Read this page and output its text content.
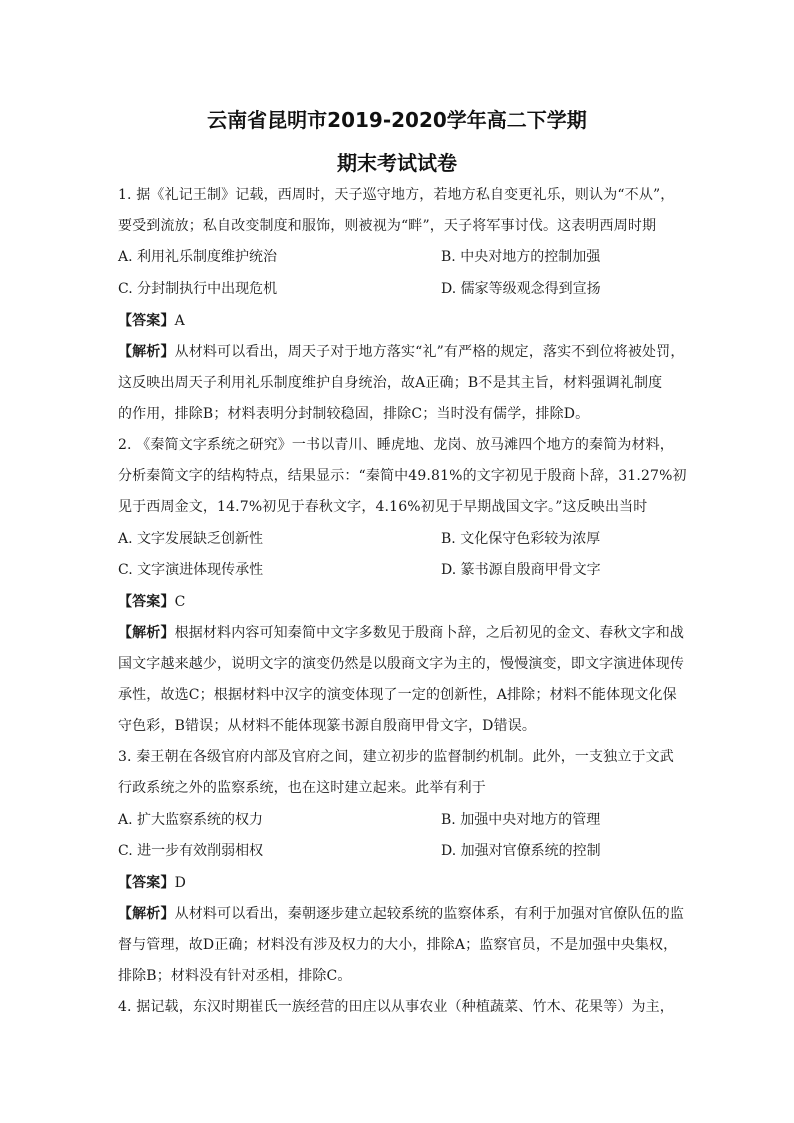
云南省昆明市2019-2020学年高二下学期
期末考试试卷
1. 据《礼记王制》记载，西周时，天子巡守地方，若地方私自变更礼乐，则认为“不从”，
要受到流放；私自改变制度和服饰，则被视为“畔”，天子将军事讨伐。这表明西周时期
A. 利用礼乐制度维护统治	B. 中央对地方的控制加强
C. 分封制执行中出现危机	D. 儒家等级观念得到宣扬
【答案】A
【解析】从材料可以看出，周天子对于地方落实“礼”有严格的规定，落实不到位将被处罚，
这反映出周天子利用礼乐制度维护自身统治，故A正确；B不是其主旨，材料强调礼制度
的作用，排除B；材料表明分封制较稳固，排除C；当时没有儒学，排除D。
2. 《秦简文字系统之研究》一书以青川、睡虎地、龙岗、放马滩四个地方的秦简为材料，
分析秦简文字的结构特点，结果显示：“秦简中49.81%的文字初见于殷商卜辞，31.27%初
见于西周金文，14.7%初见于春秋文字，4.16%初见于早期战国文字。”这反映出当时
A. 文字发展缺乏创新性	B. 文化保守色彩较为浓厚
C. 文字演进体现传承性	D. 篆书源自殷商甲骨文字
【答案】C
【解析】根据材料内容可知秦简中文字多数见于殷商卜辞，之后初见的金文、春秋文字和战
国文字越来越少，说明文字的演变仍然是以殷商文字为主的，慢慢演变，即文字演进体现传
承性，故选C；根据材料中汉字的演变体现了一定的创新性，A排除；材料不能体现文化保
守色彩，B错误；从材料不能体现篆书源自殷商甲骨文字，D错误。
3. 秦王朝在各级官府内部及官府之间，建立初步的监督制约机制。此外，一支独立于文武
行政系统之外的监察系统，也在这时建立起来。此举有利于
A. 扩大监察系统的权力	B. 加强中央对地方的管理
C. 进一步有效削弱相权	D. 加强对官僚系统的控制
【答案】D
【解析】从材料可以看出，秦朝逐步建立起较系统的监察体系，有利于加强对官僚队伍的监
督与管理，故D正确；材料没有涉及权力的大小，排除A；监察官员，不是加强中央集权，
排除B；材料没有针对丞相，排除C。
4. 据记载，东汉时期崔氏一族经营的田庄以从事农业（种植蔬菜、竹木、花果等）为主，
